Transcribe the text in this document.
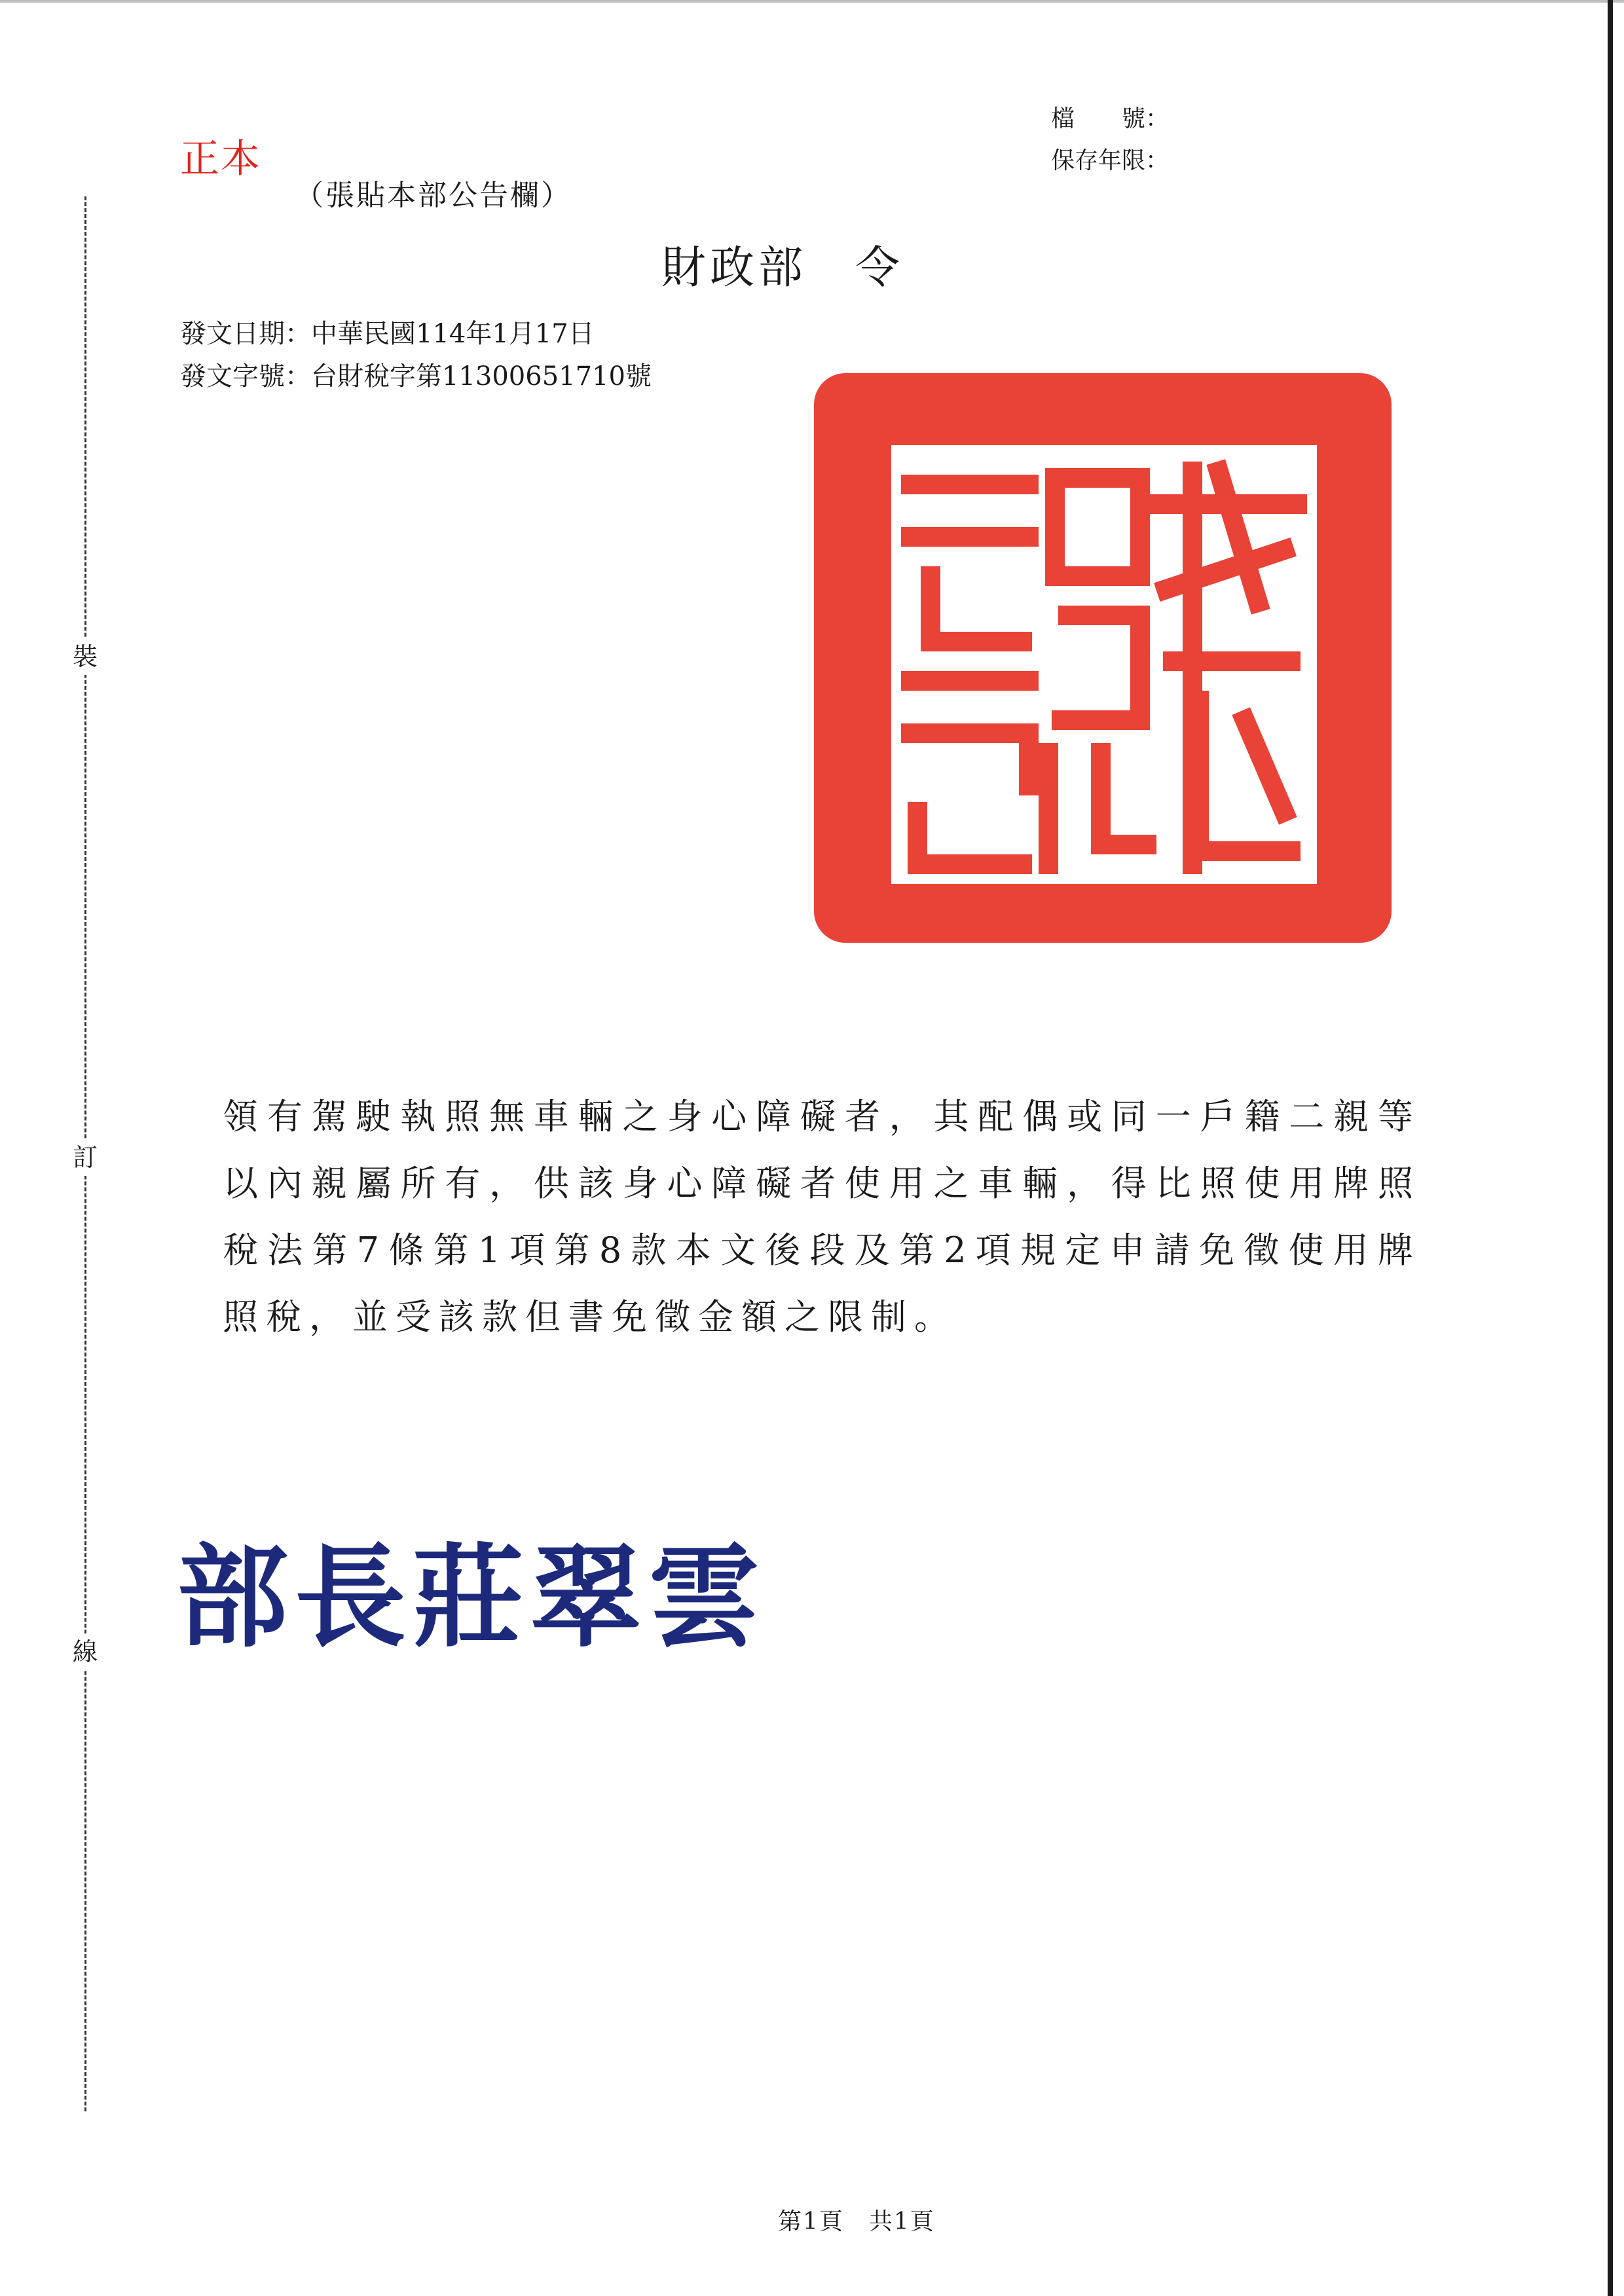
正本
（張貼本部公告欄）
檔　　號：
保存年限：
財政部　令
發文日期：中華民國114年1月17日
發文字號：台財稅字第11300651710號
裝
訂
線
領有駕駛執照無車輛之身心障礙者，其配偶或同一戶籍二親等以內親屬所有，供該身心障礙者使用之車輛，得比照使用牌照稅法第7條第1項第8款本文後段及第2項規定申請免徵使用牌照稅，並受該款但書免徵金額之限制。
部長莊翠雲
第1頁　共1頁
